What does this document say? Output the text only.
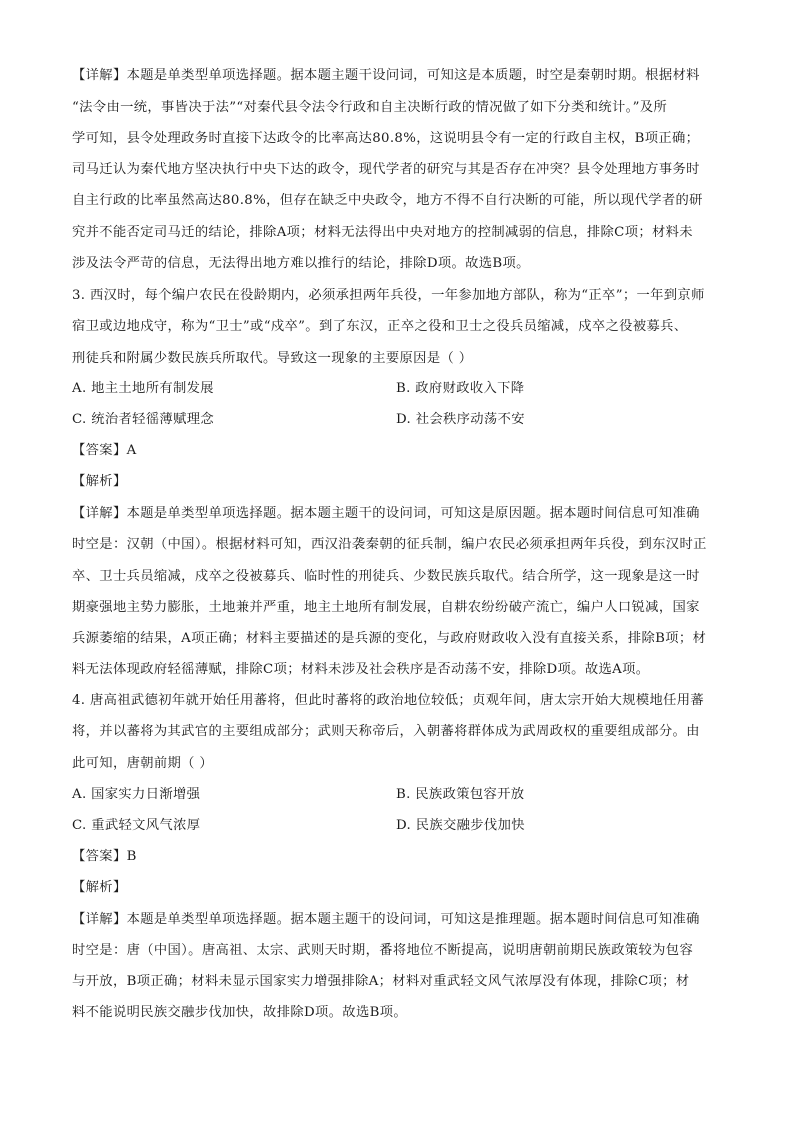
【详解】本题是单类型单项选择题。据本题主题干设问词，可知这是本质题，时空是秦朝时期。根据材料
“法令由一统，事皆决于法”“对秦代县令法令行政和自主决断行政的情况做了如下分类和统计。”及所
学可知，县令处理政务时直接下达政令的比率高达80.8%，这说明县令有一定的行政自主权，B项正确；
司马迁认为秦代地方坚决执行中央下达的政令，现代学者的研究与其是否存在冲突？县令处理地方事务时
自主行政的比率虽然高达80.8%，但存在缺乏中央政令，地方不得不自行决断的可能，所以现代学者的研
究并不能否定司马迁的结论，排除A项；材料无法得出中央对地方的控制减弱的信息，排除C项；材料未
涉及法令严苛的信息，无法得出地方难以推行的结论，排除D项。故选B项。
3. 西汉时，每个编户农民在役龄期内，必须承担两年兵役，一年参加地方部队，称为“正卒”；一年到京师
宿卫或边地戍守，称为“卫士”或“戍卒”。到了东汉，正卒之役和卫士之役兵员缩减，戍卒之役被募兵、
刑徒兵和附属少数民族兵所取代。导致这一现象的主要原因是（ ）
A. 地主土地所有制发展	B. 政府财政收入下降
C. 统治者轻徭薄赋理念	D. 社会秩序动荡不安
【答案】A
【解析】
【详解】本题是单类型单项选择题。据本题主题干的设问词，可知这是原因题。据本题时间信息可知准确
时空是：汉朝（中国）。根据材料可知，西汉沿袭秦朝的征兵制，编户农民必须承担两年兵役，到东汉时正
卒、卫士兵员缩减，戍卒之役被募兵、临时性的刑徒兵、少数民族兵取代。结合所学，这一现象是这一时
期豪强地主势力膨胀，土地兼并严重，地主土地所有制发展，自耕农纷纷破产流亡，编户人口锐减，国家
兵源萎缩的结果，A项正确；材料主要描述的是兵源的变化，与政府财政收入没有直接关系，排除B项；材
料无法体现政府轻徭薄赋，排除C项；材料未涉及社会秩序是否动荡不安，排除D项。故选A项。
4. 唐高祖武德初年就开始任用蕃将，但此时蕃将的政治地位较低；贞观年间，唐太宗开始大规模地任用蕃
将，并以蕃将为其武官的主要组成部分；武则天称帝后，入朝蕃将群体成为武周政权的重要组成部分。由
此可知，唐朝前期（ ）
A. 国家实力日渐增强	B. 民族政策包容开放
C. 重武轻文风气浓厚	D. 民族交融步伐加快
【答案】B
【解析】
【详解】本题是单类型单项选择题。据本题主题干的设问词，可知这是推理题。据本题时间信息可知准确
时空是：唐（中国）。唐高祖、太宗、武则天时期，番将地位不断提高，说明唐朝前期民族政策较为包容
与开放，B项正确；材料未显示国家实力增强排除A；材料对重武轻文风气浓厚没有体现，排除C项；材
料不能说明民族交融步伐加快，故排除D项。故选B项。
